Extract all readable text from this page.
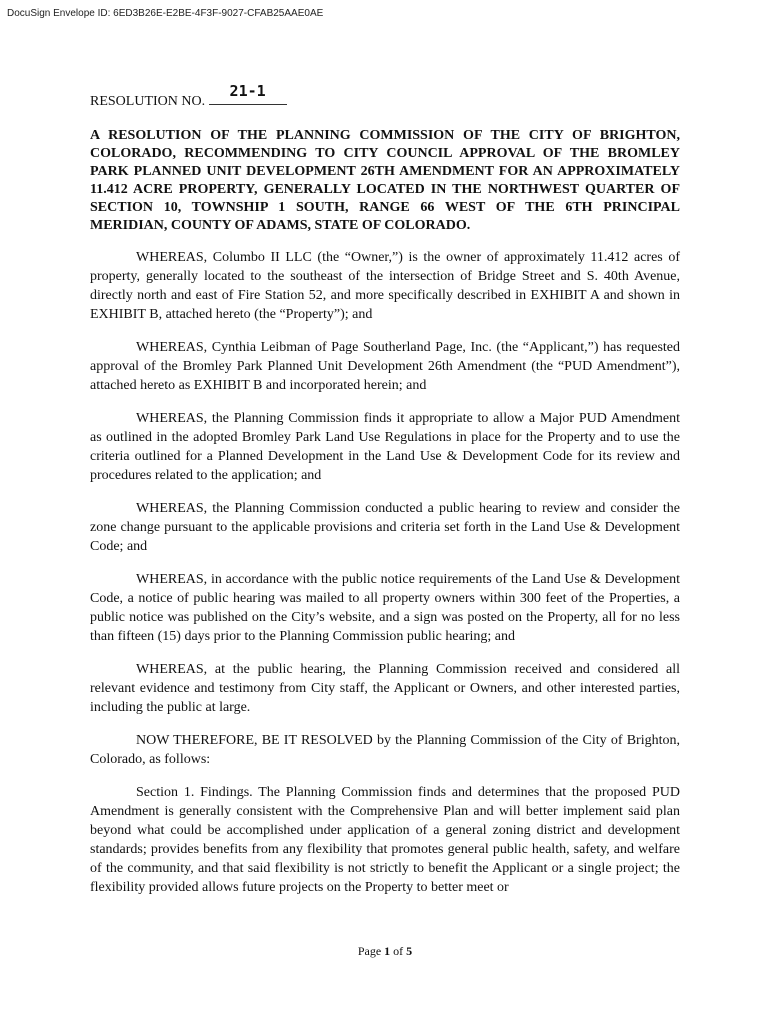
DocuSign Envelope ID: 6ED3B26E-E2BE-4F3F-9027-CFAB25AAE0AE
RESOLUTION NO.
21-1
A RESOLUTION OF THE PLANNING COMMISSION OF THE CITY OF BRIGHTON, COLORADO, RECOMMENDING TO CITY COUNCIL APPROVAL OF THE BROMLEY PARK PLANNED UNIT DEVELOPMENT 26TH AMENDMENT FOR AN APPROXIMATELY 11.412 ACRE PROPERTY, GENERALLY LOCATED IN THE NORTHWEST QUARTER OF SECTION 10, TOWNSHIP 1 SOUTH, RANGE 66 WEST OF THE 6TH PRINCIPAL MERIDIAN, COUNTY OF ADAMS, STATE OF COLORADO.

WHEREAS, Columbo II LLC (the “Owner,”) is the owner of approximately 11.412 acres of property, generally located to the southeast of the intersection of Bridge Street and S. 40th Avenue, directly north and east of Fire Station 52, and more specifically described in EXHIBIT A and shown in EXHIBIT B, attached hereto (the “Property”); and

WHEREAS, Cynthia Leibman of Page Southerland Page, Inc. (the “Applicant,”) has requested approval of the Bromley Park Planned Unit Development 26th Amendment (the “PUD Amendment”), attached hereto as EXHIBIT B and incorporated herein; and

WHEREAS, the Planning Commission finds it appropriate to allow a Major PUD Amendment as outlined in the adopted Bromley Park Land Use Regulations in place for the Property and to use the criteria outlined for a Planned Development in the Land Use & Development Code for its review and procedures related to the application; and

WHEREAS, the Planning Commission conducted a public hearing to review and consider the zone change pursuant to the applicable provisions and criteria set forth in the Land Use & Development Code; and

WHEREAS, in accordance with the public notice requirements of the Land Use & Development Code, a notice of public hearing was mailed to all property owners within 300 feet of the Properties, a public notice was published on the City’s website, and a sign was posted on the Property, all for no less than fifteen (15) days prior to the Planning Commission public hearing; and

WHEREAS, at the public hearing, the Planning Commission received and considered all relevant evidence and testimony from City staff, the Applicant or Owners, and other interested parties, including the public at large.

NOW THEREFORE, BE IT RESOLVED by the Planning Commission of the City of Brighton, Colorado, as follows:

Section 1. Findings. The Planning Commission finds and determines that the proposed PUD Amendment is generally consistent with the Comprehensive Plan and will better implement said plan beyond what could be accomplished under application of a general zoning district and development standards; provides benefits from any flexibility that promotes general public health, safety, and welfare of the community, and that said flexibility is not strictly to benefit the Applicant or a single project; the flexibility provided allows future projects on the Property to better meet or

Page 1 of 5
